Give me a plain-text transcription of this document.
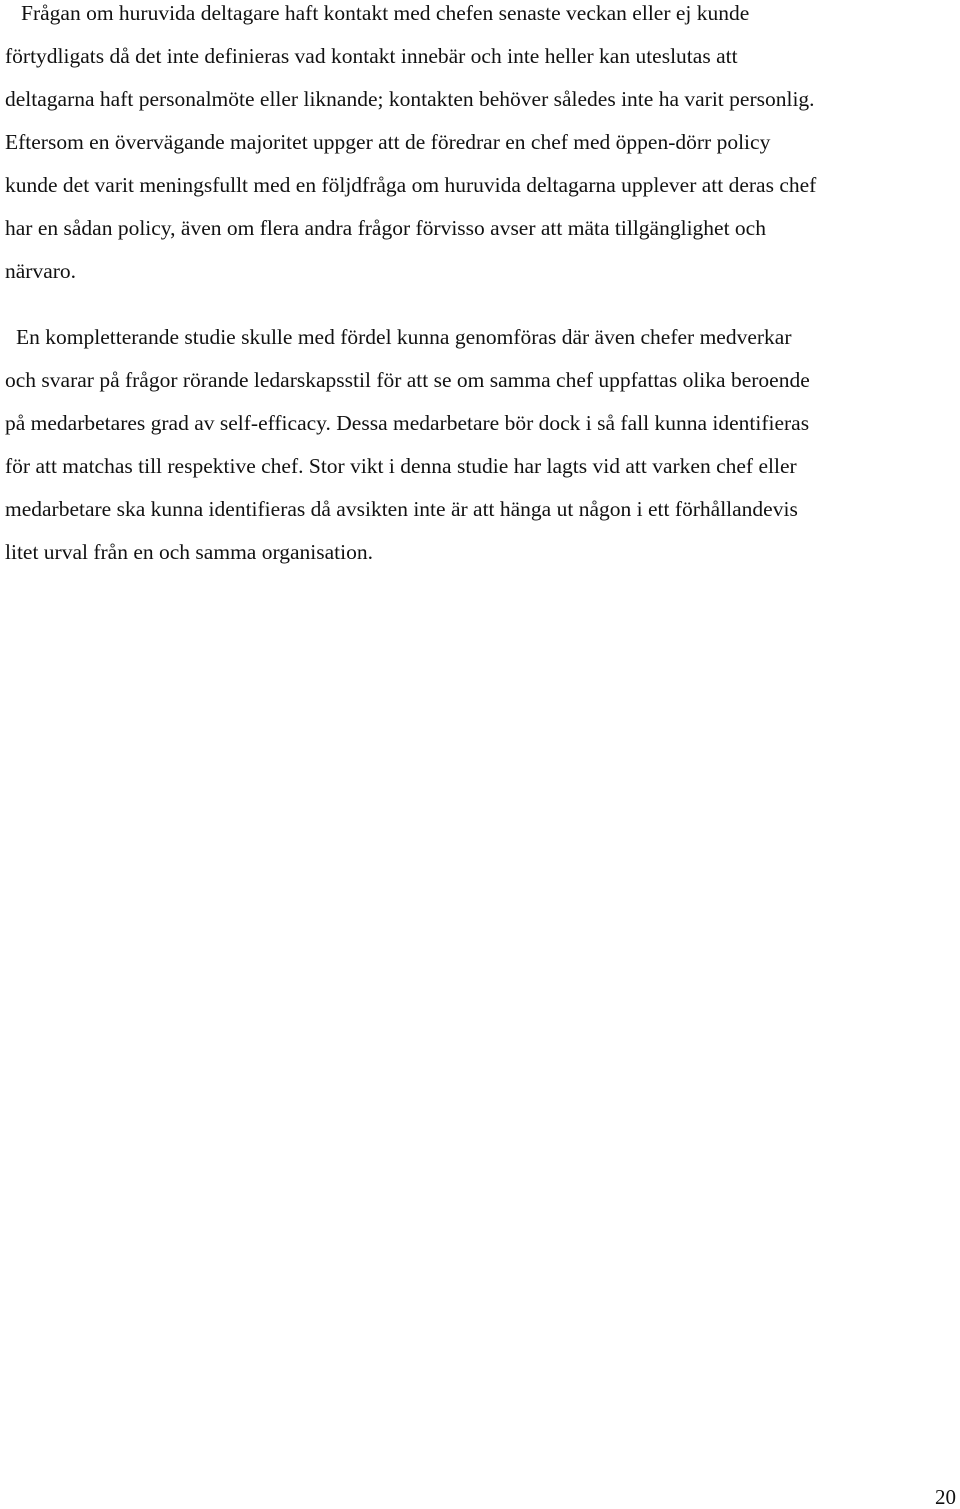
Frågan om huruvida deltagare haft kontakt med chefen senaste veckan eller ej kunde
förtydligats då det inte definieras vad kontakt innebär och inte heller kan uteslutas att
deltagarna haft personalmöte eller liknande; kontakten behöver således inte ha varit personlig.
Eftersom en övervägande majoritet uppger att de föredrar en chef med öppen-dörr policy
kunde det varit meningsfullt med en följdfråga om huruvida deltagarna upplever att deras chef
har en sådan policy, även om flera andra frågor förvisso avser att mäta tillgänglighet och
närvaro.
En kompletterande studie skulle med fördel kunna genomföras där även chefer medverkar
och svarar på frågor rörande ledarskapsstil för att se om samma chef uppfattas olika beroende
på medarbetares grad av self-efficacy. Dessa medarbetare bör dock i så fall kunna identifieras
för att matchas till respektive chef. Stor vikt i denna studie har lagts vid att varken chef eller
medarbetare ska kunna identifieras då avsikten inte är att hänga ut någon i ett förhållandevis
litet urval från en och samma organisation.
20
